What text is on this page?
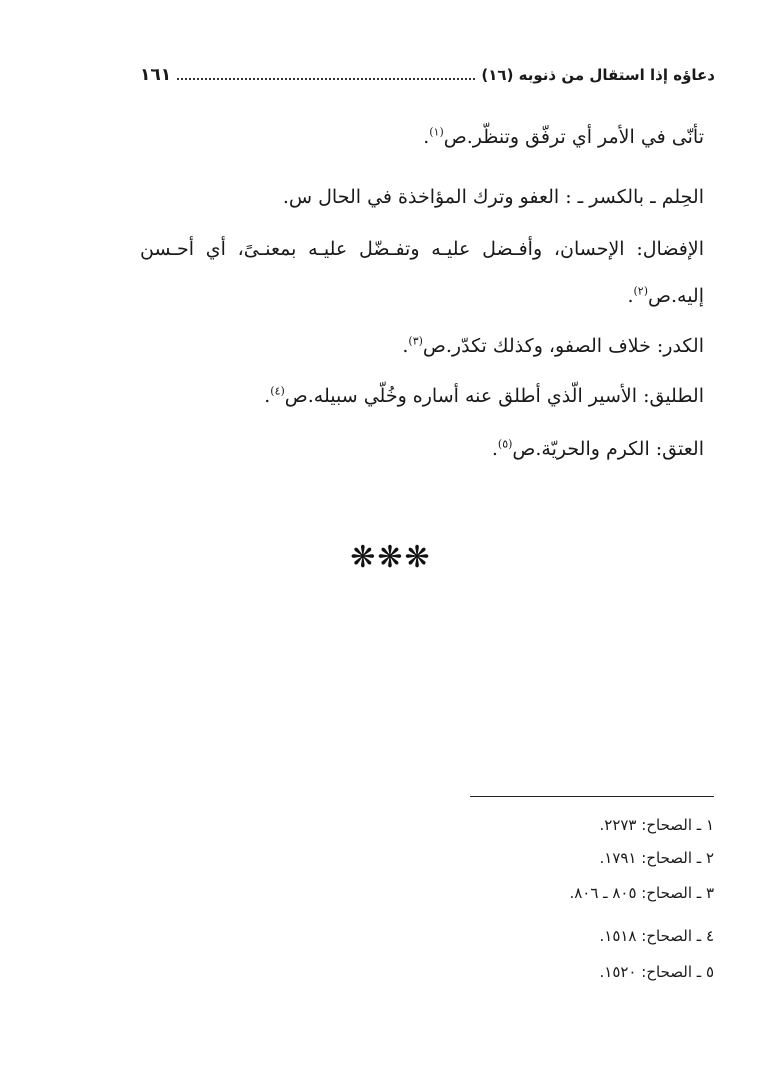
دعاؤه إذا استقال من ذنوبه (١٦)
١٦١
تأنّى في الأمر أي ترفّق وتنظّر.ص$^{(١)}$.
الحِلم ـ بالكسر ـ : العفو وترك المؤاخذة في الحال س.
الإفضال: الإحسان، وأفـضل عليـه وتفـضّل عليـه بمعنـىً، أي أحـسن
إليه.ص$^{(٢)}$.
الكدر: خلاف الصفو، وكذلك تكدّر.ص$^{(٣)}$.
الطليق: الأسير الّذي أطلق عنه أساره وخُلّي سبيله.ص$^{(٤)}$.
العتق: الكرم والحريّة.ص$^{(٥)}$.
❋❋❋
١ ـ الصحاح: ٢٢٧٣.
٢ ـ الصحاح: ١٧٩١.
٣ ـ الصحاح: ٨٠٥ ـ ٨٠٦.
٤ ـ الصحاح: ١٥١٨.
٥ ـ الصحاح: ١٥٢٠.
